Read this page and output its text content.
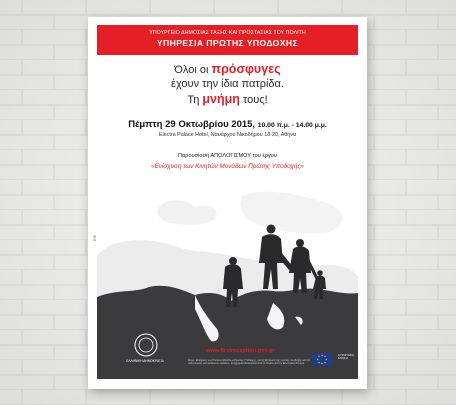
ΥΠΟΥΡΓΕΙΟ ΔΗΜΟΣΙΑΣ ΤΑΞΗΣ ΚΑΙ ΠΡΟΣΤΑΣΙΑΣ ΤΟΥ ΠΟΛΙΤΗ
ΥΠΗΡΕΣΙΑ ΠΡΩΤΗΣ ΥΠΟΔΟΧΗΣ
Όλοι οι πρόσφυγες
έχουν την ίδια πατρίδα.
Τη μνήμη τους!
Πέμπτη 29 Οκτωβρίου 2015, 10.00 π.μ. - 14.00 μ.μ.
Electra Palace Hotel, Ναυάρχου Νικοδήμου 18-20, Αθήνα
Παρουσίαση ΑΠΟΛΟΓΙΣΜΟΥ του έργου
«Ενίσχυση των Κινητών Μονάδων Πρώτης Υποδοχής»
ΕΦ
ΕΛΛΗΝΙΚΗ ΔΗΜΟΚΡΑΤΙΑ
www.firstreception.gov.gr
Έργο: Ενίσχυση των Κινητών Μονάδων Πρώτης Υποδοχής, για τη βελτίωση της πρώτης υποδοχής και την αναγνώριση των ευάλωτων ομάδων, συγχρηματοδοτούμενο από το Ταμείο για την Εξωτερική Σύνορα.
ΕΥΡΩΠΑΪΚΗ ΕΝΩΣΗ
